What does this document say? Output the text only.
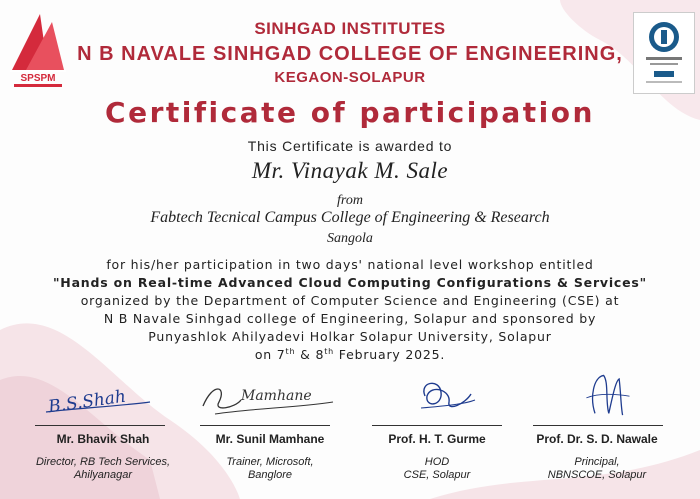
SPSPM
SINHGAD INSTITUTES
N B NAVALE SINHGAD COLLEGE OF ENGINEERING,
KEGAON-SOLAPUR
Certificate of participation
This Certificate is awarded to
Mr. Vinayak M. Sale
from
Fabtech Tecnical Campus College of Engineering & Research
Sangola
for his/her participation in two days' national level workshop entitled
"Hands on Real-time Advanced Cloud Computing Configurations & Services"
organized by the Department of Computer Science and Engineering (CSE) at
N B Navale Sinhgad college of Engineering, Solapur and sponsored by
Punyashlok Ahilyadevi Holkar Solapur University, Solapur
on 7th & 8th February 2025.
B.S.Shah	Mamhane
Mr. Bhavik Shah
Director, RB Tech Services,
Ahilyanagar
Mr. Sunil Mamhane
Trainer, Microsoft,
Banglore
Prof. H. T. Gurme
HOD
CSE, Solapur
Prof. Dr. S. D. Nawale
Principal,
NBNSCOE, Solapur
